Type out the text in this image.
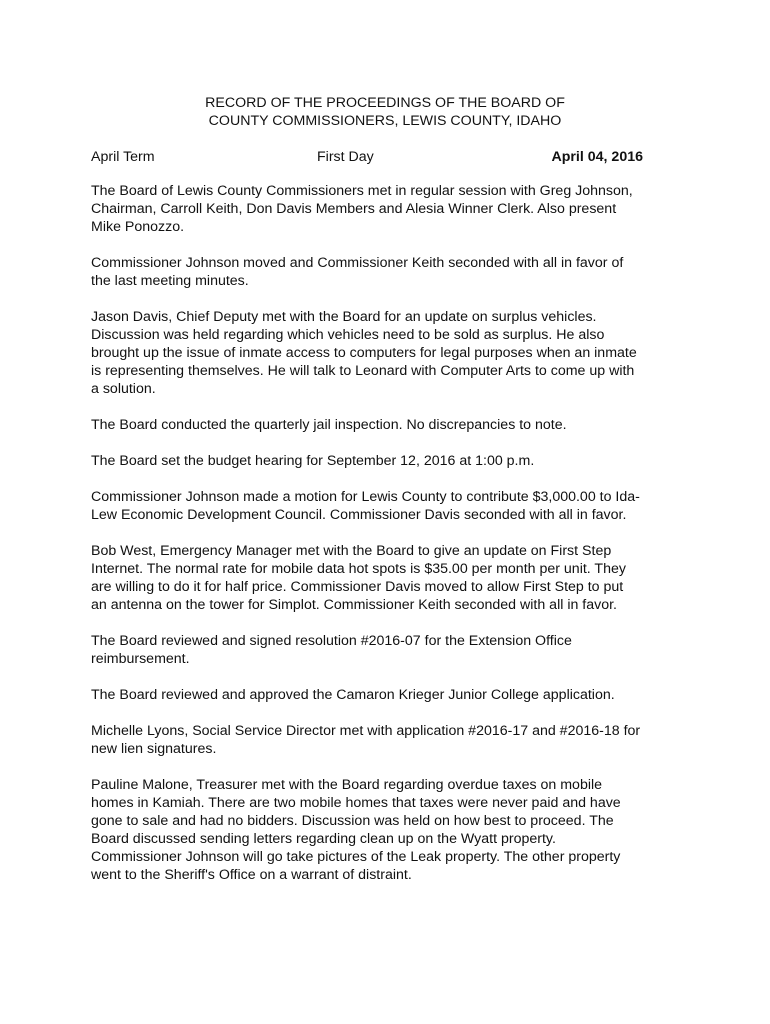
RECORD OF THE PROCEEDINGS OF THE BOARD OF
COUNTY COMMISSIONERS, LEWIS COUNTY, IDAHO
April Term	First Day	April 04, 2016
The Board of Lewis County Commissioners met in regular session with Greg Johnson,
Chairman, Carroll Keith, Don Davis Members and Alesia Winner Clerk. Also present
Mike Ponozzo.
Commissioner Johnson moved and Commissioner Keith seconded with all in favor of
the last meeting minutes.
Jason Davis, Chief Deputy met with the Board for an update on surplus vehicles.
Discussion was held regarding which vehicles need to be sold as surplus. He also
brought up the issue of inmate access to computers for legal purposes when an inmate
is representing themselves. He will talk to Leonard with Computer Arts to come up with
a solution.
The Board conducted the quarterly jail inspection. No discrepancies to note.
The Board set the budget hearing for September 12, 2016 at 1:00 p.m.
Commissioner Johnson made a motion for Lewis County to contribute $3,000.00 to Ida-
Lew Economic Development Council. Commissioner Davis seconded with all in favor.
Bob West, Emergency Manager met with the Board to give an update on First Step
Internet. The normal rate for mobile data hot spots is $35.00 per month per unit. They
are willing to do it for half price. Commissioner Davis moved to allow First Step to put
an antenna on the tower for Simplot. Commissioner Keith seconded with all in favor.
The Board reviewed and signed resolution #2016-07 for the Extension Office
reimbursement.
The Board reviewed and approved the Camaron Krieger Junior College application.
Michelle Lyons, Social Service Director met with application #2016-17 and #2016-18 for
new lien signatures.
Pauline Malone, Treasurer met with the Board regarding overdue taxes on mobile
homes in Kamiah. There are two mobile homes that taxes were never paid and have
gone to sale and had no bidders. Discussion was held on how best to proceed. The
Board discussed sending letters regarding clean up on the Wyatt property.
Commissioner Johnson will go take pictures of the Leak property. The other property
went to the Sheriff's Office on a warrant of distraint.
